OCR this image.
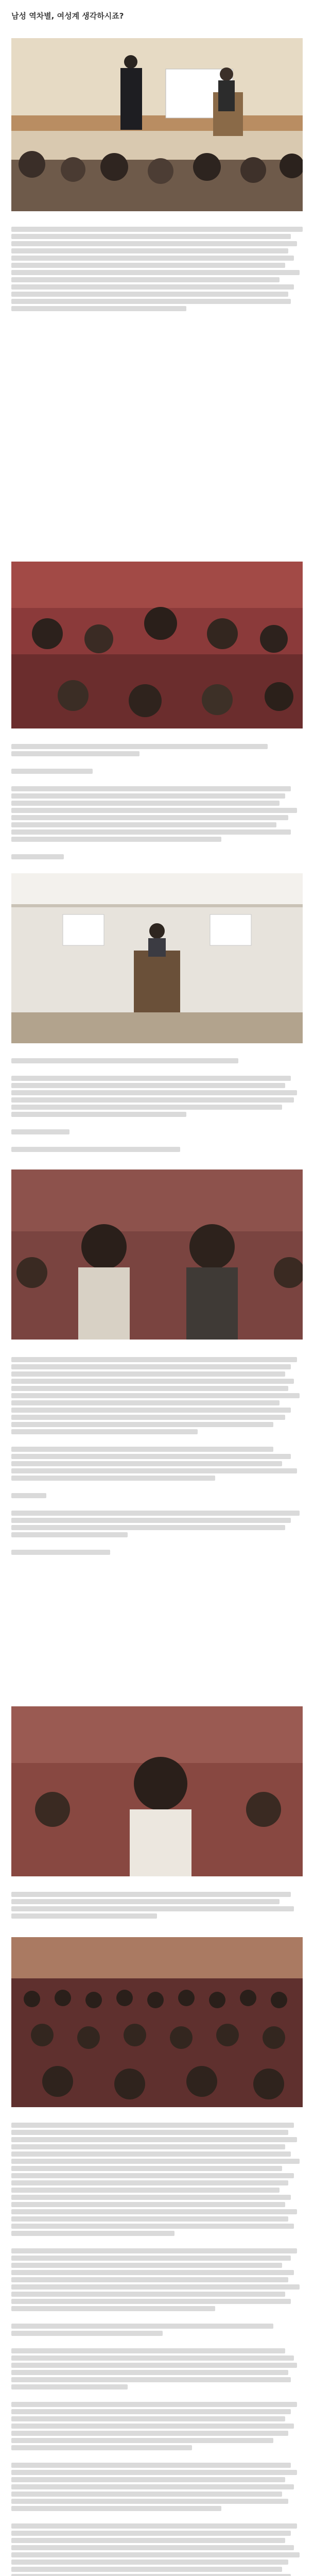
남성 역차별, 여성계 생각하시죠?
